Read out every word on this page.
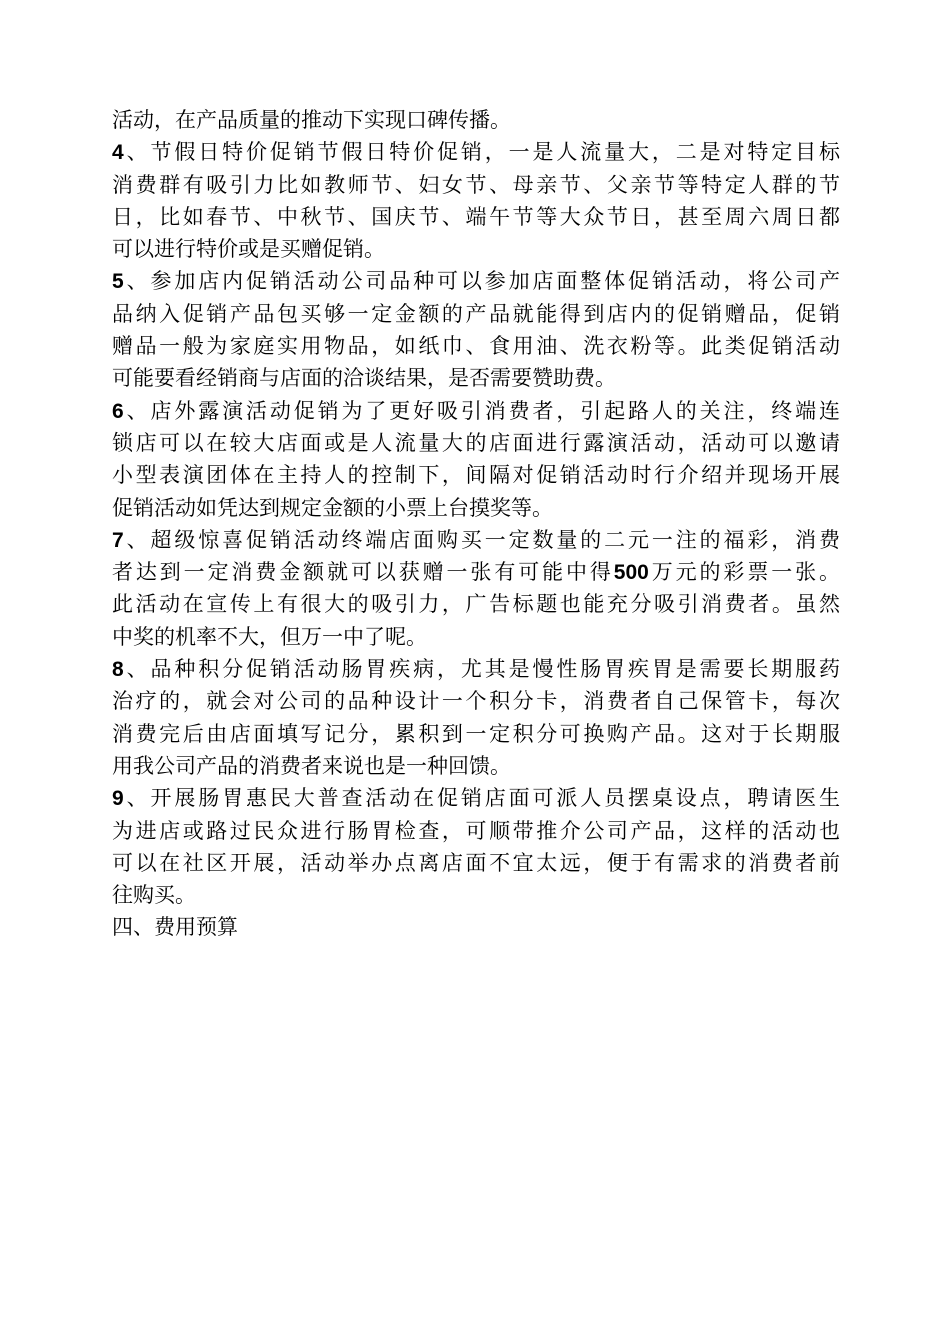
活动，在产品质量的推动下实现口碑传播。
4、节假日特价促销节假日特价促销，一是人流量大，二是对特定目标
消费群有吸引力比如教师节、妇女节、母亲节、父亲节等特定人群的节
日，比如春节、中秋节、国庆节、端午节等大众节日，甚至周六周日都
可以进行特价或是买赠促销。
5、参加店内促销活动公司品种可以参加店面整体促销活动，将公司产
品纳入促销产品包买够一定金额的产品就能得到店内的促销赠品，促销
赠品一般为家庭实用物品，如纸巾、食用油、洗衣粉等。此类促销活动
可能要看经销商与店面的洽谈结果，是否需要赞助费。
6、店外露演活动促销为了更好吸引消费者，引起路人的关注，终端连
锁店可以在较大店面或是人流量大的店面进行露演活动，活动可以邀请
小型表演团体在主持人的控制下，间隔对促销活动时行介绍并现场开展
促销活动如凭达到规定金额的小票上台摸奖等。
7、超级惊喜促销活动终端店面购买一定数量的二元一注的福彩，消费
者达到一定消费金额就可以获赠一张有可能中得500万元的彩票一张。
此活动在宣传上有很大的吸引力，广告标题也能充分吸引消费者。虽然
中奖的机率不大，但万一中了呢。
8、品种积分促销活动肠胃疾病，尤其是慢性肠胃疾胃是需要长期服药
治疗的，就会对公司的品种设计一个积分卡，消费者自己保管卡，每次
消费完后由店面填写记分，累积到一定积分可换购产品。这对于长期服
用我公司产品的消费者来说也是一种回馈。
9、开展肠胃惠民大普查活动在促销店面可派人员摆桌设点，聘请医生
为进店或路过民众进行肠胃检查，可顺带推介公司产品，这样的活动也
可以在社区开展，活动举办点离店面不宜太远，便于有需求的消费者前
往购买。
四、费用预算
